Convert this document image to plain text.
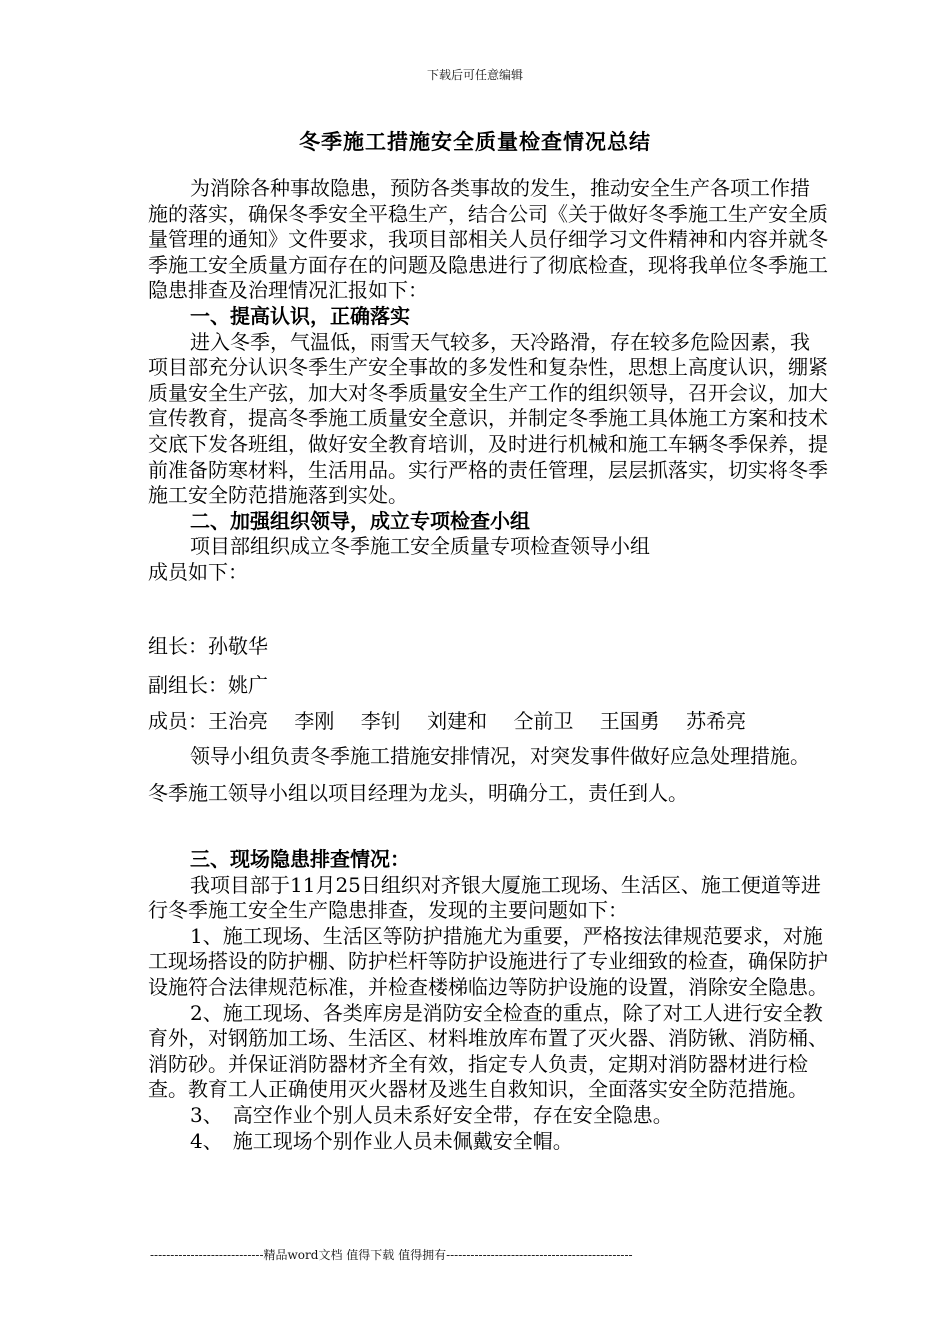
下载后可任意编辑
冬季施工措施安全质量检查情况总结

为消除各种事故隐患，预防各类事故的发生，推动安全生产各项工作措施的落实，确保冬季安全平稳生产，结合公司《关于做好冬季施工生产安全质量管理的通知》文件要求，我项目部相关人员仔细学习文件精神和内容并就冬季施工安全质量方面存在的问题及隐患进行了彻底检查，现将我单位冬季施工隐患排查及治理情况汇报如下：

一、提高认识，正确落实

进入冬季，气温低，雨雪天气较多，天冷路滑，存在较多危险因素，我项目部充分认识冬季生产安全事故的多发性和复杂性，思想上高度认识，绷紧质量安全生产弦，加大对冬季质量安全生产工作的组织领导，召开会议，加大宣传教育，提高冬季施工质量安全意识，并制定冬季施工具体施工方案和技术交底下发各班组，做好安全教育培训，及时进行机械和施工车辆冬季保养，提前准备防寒材料，生活用品。实行严格的责任管理，层层抓落实，切实将冬季施工安全防范措施落到实处。

二、加强组织领导，成立专项检查小组

项目部组织成立冬季施工安全质量专项检查领导小组

成员如下：

组长：孙敬华
副组长：姚广
成员：王治亮 李刚 李钊 刘建和 仝前卫 王国勇 苏希亮

领导小组负责冬季施工措施安排情况，对突发事件做好应急处理措施。冬季施工领导小组以项目经理为龙头，明确分工，责任到人。

三、现场隐患排查情况：

我项目部于11月25日组织对齐银大厦施工现场、生活区、施工便道等进行冬季施工安全生产隐患排查，发现的主要问题如下：

1、施工现场、生活区等防护措施尤为重要，严格按法律规范要求，对施工现场搭设的防护棚、防护栏杆等防护设施进行了专业细致的检查，确保防护设施符合法律规范标准，并检查楼梯临边等防护设施的设置，消除安全隐患。

2、施工现场、各类库房是消防安全检查的重点，除了对工人进行安全教育外，对钢筋加工场、生活区、材料堆放库布置了灭火器、消防锹、消防桶、消防砂。并保证消防器材齐全有效，指定专人负责，定期对消防器材进行检查。教育工人正确使用灭火器材及逃生自救知识，全面落实安全防范措施。

3、　高空作业个别人员未系好安全带，存在安全隐患。

4、　施工现场个别作业人员未佩戴安全帽。

----------------------------精品word文档 值得下载 值得拥有----------------------------------------------
